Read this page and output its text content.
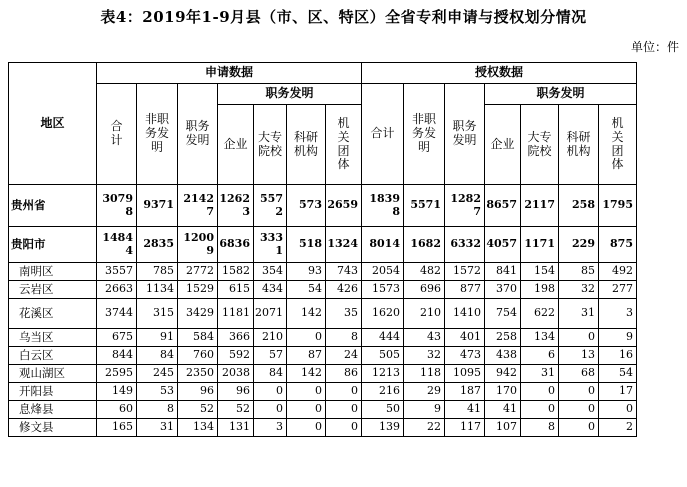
表4：2019年1-9月县（市、区、特区）全省专利申请与授权划分情况
单位：件
地区	申请数据							授权数据						
	合计	非职务发明	职务发明	职务发明				合计	非职务发明	职务发明	职务发明			
				企业	大专院校	科研机构	机关团体				企业	大专院校	科研机构	机关团体
贵州省	30798	9371	21427	12623	5572	573	2659	18398	5571	12827	8657	2117	258	1795
贵阳市	14844	2835	12009	6836	3331	518	1324	8014	1682	6332	4057	1171	229	875
南明区	3557	785	2772	1582	354	93	743	2054	482	1572	841	154	85	492
云岩区	2663	1134	1529	615	434	54	426	1573	696	877	370	198	32	277
花溪区	3744	315	3429	1181	2071	142	35	1620	210	1410	754	622	31	3
乌当区	675	91	584	366	210	0	8	444	43	401	258	134	0	9
白云区	844	84	760	592	57	87	24	505	32	473	438	6	13	16
观山湖区	2595	245	2350	2038	84	142	86	1213	118	1095	942	31	68	54
开阳县	149	53	96	96	0	0	0	216	29	187	170	0	0	17
息烽县	60	8	52	52	0	0	0	50	9	41	41	0	0	0
修文县	165	31	134	131	3	0	0	139	22	117	107	8	0	2
